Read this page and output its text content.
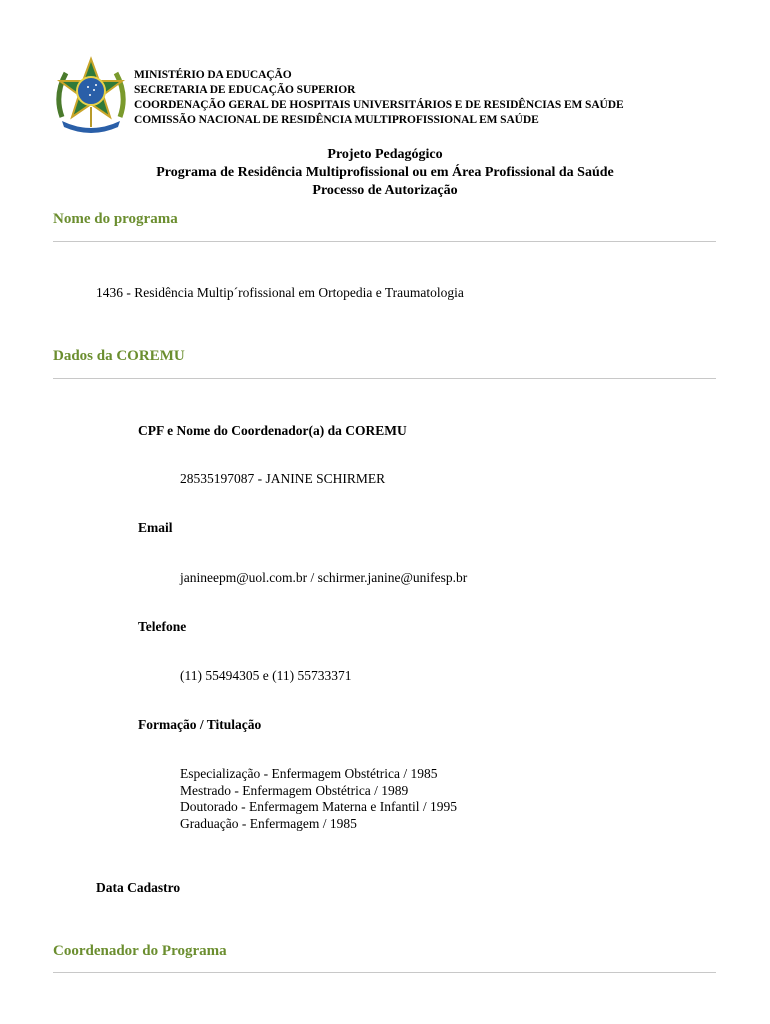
MINISTÉRIO DA EDUCAÇÃO
SECRETARIA DE EDUCAÇÃO SUPERIOR
COORDENAÇÃO GERAL DE HOSPITAIS UNIVERSITÁRIOS E DE RESIDÊNCIAS EM SAÚDE
COMISSÃO NACIONAL DE RESIDÊNCIA MULTIPROFISSIONAL EM SAÚDE
Projeto Pedagógico
Programa de Residência Multiprofissional ou em Área Profissional da Saúde
Processo de Autorização
Nome do programa
1436 - Residência Multip´rofissional em Ortopedia e Traumatologia
Dados da COREMU
CPF e Nome do Coordenador(a) da COREMU
28535197087 - JANINE SCHIRMER
Email
janineepm@uol.com.br / schirmer.janine@unifesp.br
Telefone
(11) 55494305 e (11) 55733371
Formação / Titulação
Especialização - Enfermagem Obstétrica / 1985
Mestrado - Enfermagem Obstétrica / 1989
Doutorado - Enfermagem Materna e Infantil / 1995
Graduação - Enfermagem / 1985
Data Cadastro
Coordenador do Programa
